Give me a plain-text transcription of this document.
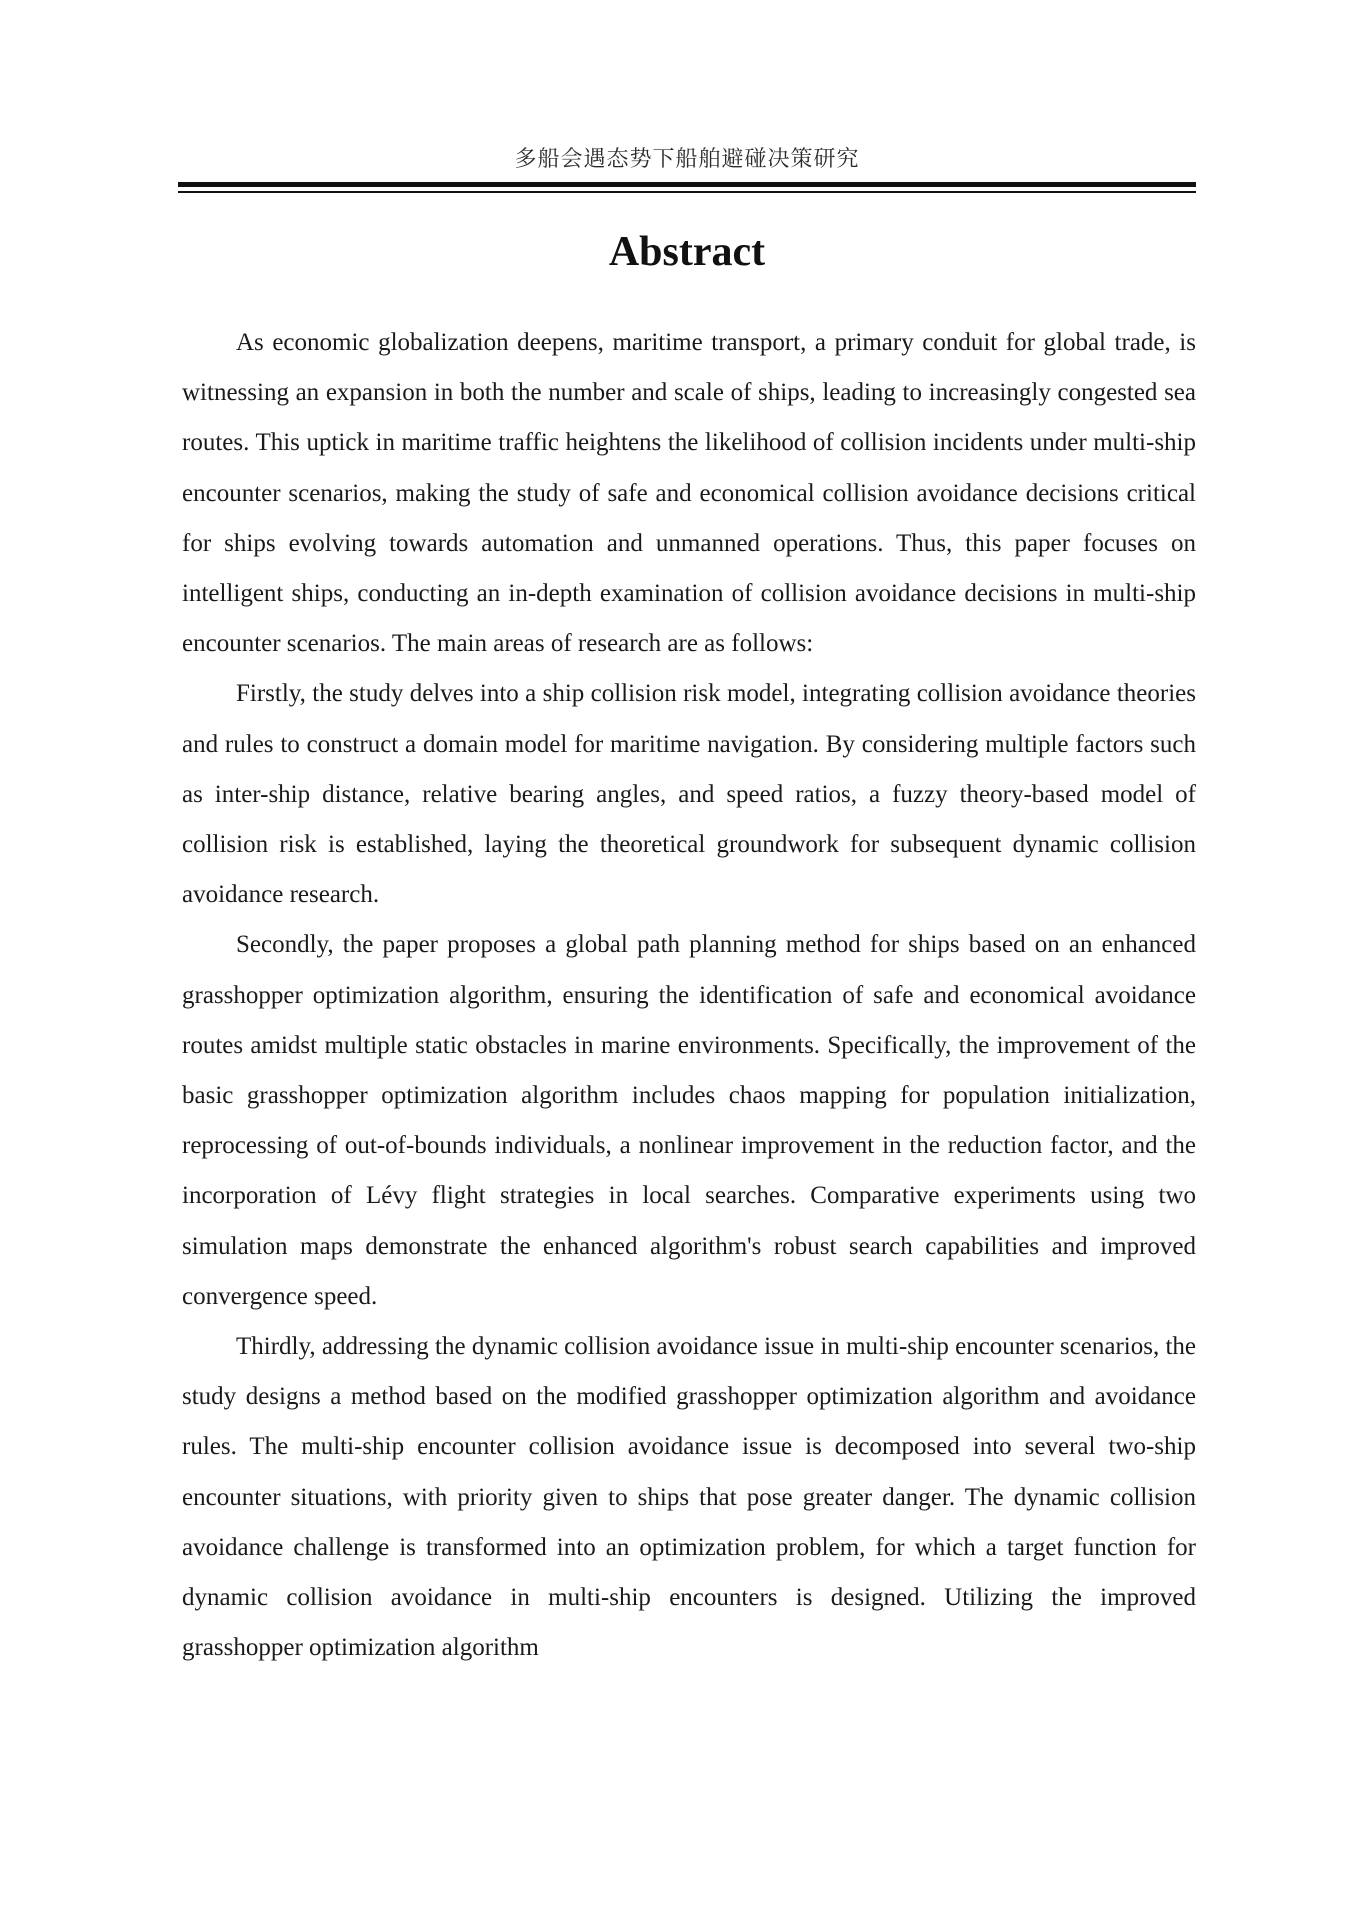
多船会遇态势下船舶避碰决策研究
Abstract

As economic globalization deepens, maritime transport, a primary conduit for global trade, is witnessing an expansion in both the number and scale of ships, leading to increasingly congested sea routes. This uptick in maritime traffic heightens the likelihood of collision incidents under multi-ship encounter scenarios, making the study of safe and economical collision avoidance decisions critical for ships evolving towards automation and unmanned operations. Thus, this paper focuses on intelligent ships, conducting an in-depth examination of collision avoidance decisions in multi-ship encounter scenarios. The main areas of research are as follows:

Firstly, the study delves into a ship collision risk model, integrating collision avoidance theories and rules to construct a domain model for maritime navigation. By considering multiple factors such as inter-ship distance, relative bearing angles, and speed ratios, a fuzzy theory-based model of collision risk is established, laying the theoretical groundwork for subsequent dynamic collision avoidance research.

Secondly, the paper proposes a global path planning method for ships based on an enhanced grasshopper optimization algorithm, ensuring the identification of safe and economical avoidance routes amidst multiple static obstacles in marine environments. Specifically, the improvement of the basic grasshopper optimization algorithm includes chaos mapping for population initialization, reprocessing of out-of-bounds individuals, a nonlinear improvement in the reduction factor, and the incorporation of Lévy flight strategies in local searches. Comparative experiments using two simulation maps demonstrate the enhanced algorithm's robust search capabilities and improved convergence speed.

Thirdly, addressing the dynamic collision avoidance issue in multi-ship encounter scenarios, the study designs a method based on the modified grasshopper optimization algorithm and avoidance rules. The multi-ship encounter collision avoidance issue is decomposed into several two-ship encounter situations, with priority given to ships that pose greater danger. The dynamic collision avoidance challenge is transformed into an optimization problem, for which a target function for dynamic collision avoidance in multi-ship encounters is designed. Utilizing the improved grasshopper optimization algorithm
